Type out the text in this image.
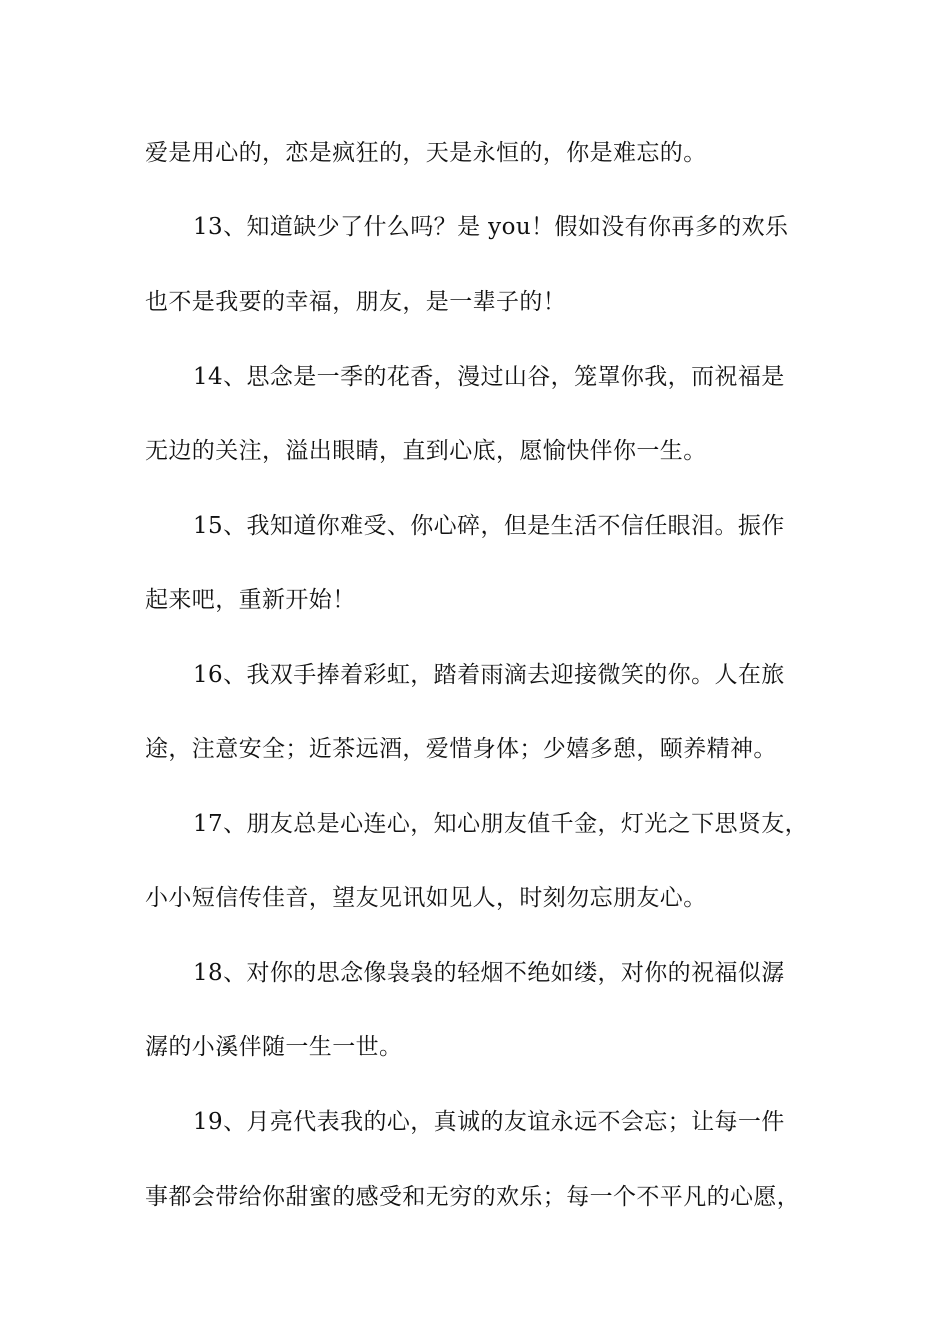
爱是用心的，恋是疯狂的，天是永恒的，你是难忘的。
13、知道缺少了什么吗？是 you！假如没有你再多的欢乐
也不是我要的幸福，朋友，是一辈子的！
14、思念是一季的花香，漫过山谷，笼罩你我，而祝福是
无边的关注，溢出眼睛，直到心底，愿愉快伴你一生。
15、我知道你难受、你心碎，但是生活不信任眼泪。振作
起来吧，重新开始！
16、我双手捧着彩虹，踏着雨滴去迎接微笑的你。人在旅
途，注意安全；近茶远酒，爱惜身体；少嬉多憩，颐养精神。
17、朋友总是心连心，知心朋友值千金，灯光之下思贤友，
小小短信传佳音，望友见讯如见人，时刻勿忘朋友心。
18、对你的思念像袅袅的轻烟不绝如缕，对你的祝福似潺
潺的小溪伴随一生一世。
19、月亮代表我的心，真诚的友谊永远不会忘；让每一件
事都会带给你甜蜜的感受和无穷的欢乐；每一个不平凡的心愿，
